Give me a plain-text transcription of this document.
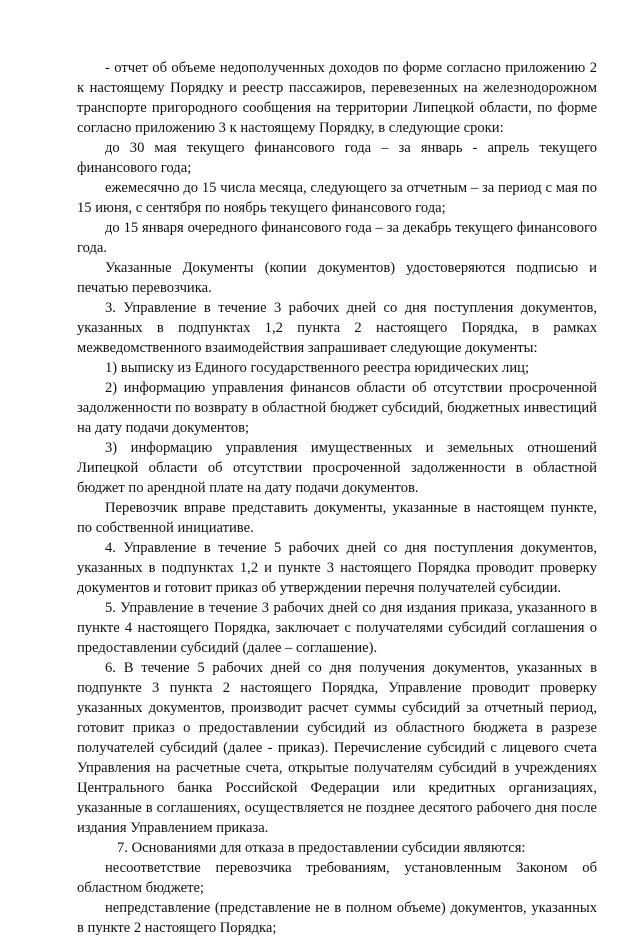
- отчет об объеме недополученных доходов по форме согласно приложению 2 к настоящему Порядку и реестр пассажиров, перевезенных на железнодорожном транспорте пригородного сообщения на территории Липецкой области, по форме согласно приложению 3 к настоящему Порядку, в следующие сроки:

до 30 мая текущего финансового года – за январь - апрель текущего финансового года;

ежемесячно до 15 числа месяца, следующего за отчетным – за период с мая по 15 июня, с сентября по ноябрь текущего финансового года;

до 15 января очередного финансового года – за декабрь текущего финансового года.

Указанные Документы (копии документов) удостоверяются подписью и печатью перевозчика.

3. Управление в течение 3 рабочих дней со дня поступления документов, указанных в подпунктах 1,2 пункта 2 настоящего Порядка, в рамках межведомственного взаимодействия запрашивает следующие документы:

1) выписку из Единого государственного реестра юридических лиц;

2) информацию управления финансов области об отсутствии просроченной задолженности по возврату в областной бюджет субсидий, бюджетных инвестиций на дату подачи документов;

3) информацию управления имущественных и земельных отношений Липецкой области об отсутствии просроченной задолженности в областной бюджет по арендной плате на дату подачи документов.

Перевозчик вправе представить документы, указанные в настоящем пункте, по собственной инициативе.

4. Управление в течение 5 рабочих дней со дня поступления документов, указанных в подпунктах 1,2 и пункте 3 настоящего Порядка проводит проверку документов и готовит приказ об утверждении перечня получателей субсидии.

5. Управление в течение 3 рабочих дней со дня издания приказа, указанного в пункте 4 настоящего Порядка, заключает с получателями субсидий соглашения о предоставлении субсидий (далее – соглашение).

6. В течение 5 рабочих дней со дня получения документов, указанных в подпункте 3 пункта 2 настоящего Порядка, Управление проводит проверку указанных документов, производит расчет суммы субсидий за отчетный период, готовит приказ о предоставлении субсидий из областного бюджета в разрезе получателей субсидий (далее - приказ). Перечисление субсидий с лицевого счета Управления на расчетные счета, открытые получателям субсидий в учреждениях Центрального банка Российской Федерации или кредитных организациях, указанные в соглашениях, осуществляется не позднее десятого рабочего дня после издания Управлением приказа.

7. Основаниями для отказа в предоставлении субсидии являются:

несоответствие перевозчика требованиям, установленным Законом об областном бюджете;

непредставление (представление не в полном объеме) документов, указанных в пункте 2 настоящего Порядка;
